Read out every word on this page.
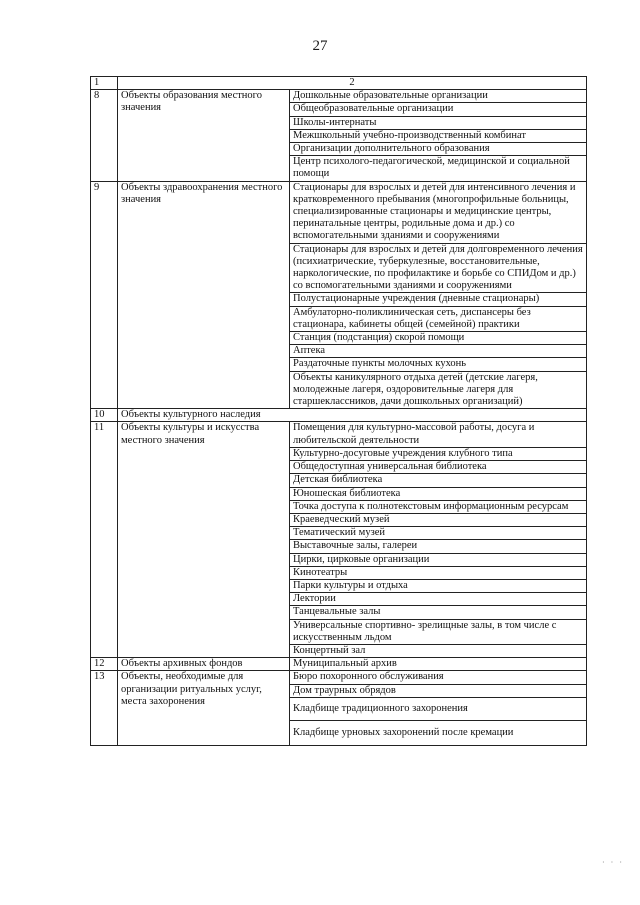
27
1	2	
8	Объекты образования местного значения	Дошкольные образовательные организации
		Общеобразовательные организации
		Школы-интернаты
		Межшкольный учебно-производственный комбинат
		Организации дополнительного образования
		Центр психолого-педагогической, медицинской и социальной помощи
9	Объекты здравоохранения местного значения	Стационары для взрослых и детей для интенсивного лечения и кратковременного пребывания (многопрофильные больницы, специализированные стационары и медицинские центры, перинатальные центры, родильные дома и др.) со вспомогательными зданиями и сооружениями
		Стационары для взрослых и детей для долговременного лечения (психиатрические, туберкулезные, восстановительные, наркологические, по профилактике и борьбе со СПИДом и др.) со вспомогательными зданиями и сооружениями
		Полустационарные учреждения (дневные стационары)
		Амбулаторно-поликлиническая сеть, диспансеры без стационара, кабинеты общей (семейной) практики
		Станция (подстанция) скорой помощи
		Аптека
		Раздаточные пункты молочных кухонь
		Объекты каникулярного отдыха детей (детские лагеря, молодежные лагеря, оздоровительные лагеря для старшеклассников, дачи дошкольных организаций)
10	Объекты культурного наследия	
11	Объекты культуры и искусства местного значения	Помещения для культурно-массовой работы, досуга и любительской деятельности
		Культурно-досуговые учреждения клубного типа
		Общедоступная универсальная библиотека
		Детская библиотека
		Юношеская библиотека
		Точка доступа к полнотекстовым информационным ресурсам
		Краеведческий музей
		Тематический музей
		Выставочные залы, галереи
		Цирки, цирковые организации
		Кинотеатры
		Парки культуры и отдыха
		Лектории
		Танцевальные залы
		Универсальные спортивно- зрелищные залы, в том числе с искусственным льдом
		Концертный зал
12	Объекты архивных фондов	Муниципальный архив
13	Объекты, необходимые для организации ритуальных услуг, места захоронения	Бюро похоронного обслуживания
		Дом траурных обрядов
		Кладбище традиционного захоронения
		Кладбище урновых захоронений после кремации
· · ·
